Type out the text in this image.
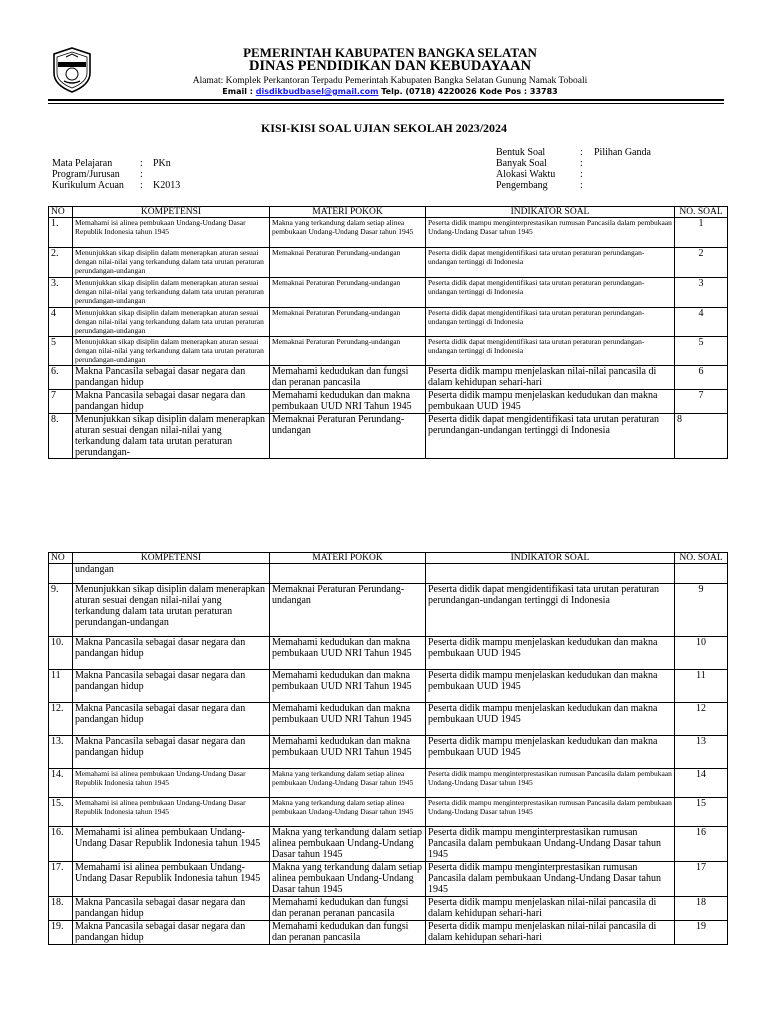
PEMERINTAH KABUPATEN BANGKA SELATAN
DINAS PENDIDIKAN DAN KEBUDAYAAN
Alamat: Komplek Perkantoran Terpadu Pemerintah Kabupaten Bangka Selatan Gunung Namak Toboali
Email : disdikbudbasel@gmail.com Telp. (0718) 4220026 Kode Pos : 33783
KISI-KISI SOAL UJIAN SEKOLAH 2023/2024
Mata Pelajaran	: PKn
Program/Jurusan :
Kurikulum Acuan : K2013
Bentuk Soal	: Pilihan Ganda
Banyak Soal	:
Alokasi Waktu :
Pengembang	:
NO	KOMPETENSI	MATERI POKOK	INDIKATOR SOAL	NO. SOAL
1.	Memahami isi alinea pembukaan Undang-Undang Dasar Republik Indonesia tahun 1945	Makna yang terkandung dalam setiap alinea pembukaan Undang-Undang Dasar tahun 1945	Peserta didik mampu menginterprestasikan rumusan Pancasila dalam pembukaan Undang-Undang Dasar tahun 1945	1
2.	Menunjukkan sikap disiplin dalam menerapkan aturan sesuai dengan nilai-nilai yang terkandung dalam tata urutan peraturan perundangan-undangan	Memaknai Peraturan Perundang-undangan	Peserta didik dapat mengidentifikasi tata urutan peraturan perundangan-undangan tertinggi di Indonesia	2
3.	Menunjukkan sikap disiplin dalam menerapkan aturan sesuai dengan nilai-nilai yang terkandung dalam tata urutan peraturan perundangan-undangan	Memaknai Peraturan Perundang-undangan	Peserta didik dapat mengidentifikasi tata urutan peraturan perundangan-undangan tertinggi di Indonesia	3
4	Menunjukkan sikap disiplin dalam menerapkan aturan sesuai dengan nilai-nilai yang terkandung dalam tata urutan peraturan perundangan-undangan	Memaknai Peraturan Perundang-undangan	Peserta didik dapat mengidentifikasi tata urutan peraturan perundangan-undangan tertinggi di Indonesia	4
5	Menunjukkan sikap disiplin dalam menerapkan aturan sesuai dengan nilai-nilai yang terkandung dalam tata urutan peraturan perundangan-undangan	Memaknai Peraturan Perundang-undangan	Peserta didik dapat mengidentifikasi tata urutan peraturan perundangan-undangan tertinggi di Indonesia	5
6.	Makna Pancasila sebagai dasar negara dan pandangan hidup	Memahami kedudukan dan fungsi dan peranan pancasila	Peserta didik mampu menjelaskan nilai-nilai pancasila di dalam kehidupan sehari-hari	6
7	Makna Pancasila sebagai dasar negara dan pandangan hidup	Memahami kedudukan dan makna pembukaan UUD NRI Tahun 1945	Peserta didik mampu menjelaskan kedudukan dan makna pembukaan UUD 1945	7
8.	Menunjukkan sikap disiplin dalam menerapkan aturan sesuai dengan nilai-nilai yang terkandung dalam tata urutan peraturan perundangan-	Memaknai Peraturan Perundang-undangan	Peserta didik dapat mengidentifikasi tata urutan peraturan perundangan-undangan tertinggi di Indonesia	8
NO	KOMPETENSI	MATERI POKOK	INDIKATOR SOAL	NO. SOAL
	undangan			
9.	Menunjukkan sikap disiplin dalam menerapkan aturan sesuai dengan nilai-nilai yang terkandung dalam tata urutan peraturan perundangan-undangan	Memaknai Peraturan Perundang-undangan	Peserta didik dapat mengidentifikasi tata urutan peraturan perundangan-undangan tertinggi di Indonesia	9
10.	Makna Pancasila sebagai dasar negara dan pandangan hidup	Memahami kedudukan dan makna pembukaan UUD NRI Tahun 1945	Peserta didik mampu menjelaskan kedudukan dan makna pembukaan UUD 1945	10
11	Makna Pancasila sebagai dasar negara dan pandangan hidup	Memahami kedudukan dan makna pembukaan UUD NRI Tahun 1945	Peserta didik mampu menjelaskan kedudukan dan makna pembukaan UUD 1945	11
12.	Makna Pancasila sebagai dasar negara dan pandangan hidup	Memahami kedudukan dan makna pembukaan UUD NRI Tahun 1945	Peserta didik mampu menjelaskan kedudukan dan makna pembukaan UUD 1945	12
13.	Makna Pancasila sebagai dasar negara dan pandangan hidup	Memahami kedudukan dan makna pembukaan UUD NRI Tahun 1945	Peserta didik mampu menjelaskan kedudukan dan makna pembukaan UUD 1945	13
14.	Memahami isi alinea pembukaan Undang-Undang Dasar Republik Indonesia tahun 1945	Makna yang terkandung dalam setiap alinea pembukaan Undang-Undang Dasar tahun 1945	Peserta didik mampu menginterprestasikan rumusan Pancasila dalam pembukaan Undang-Undang Dasar tahun 1945	14
15.	Memahami isi alinea pembukaan Undang-Undang Dasar Republik Indonesia tahun 1945	Makna yang terkandung dalam setiap alinea pembukaan Undang-Undang Dasar tahun 1945	Peserta didik mampu menginterprestasikan rumusan Pancasila dalam pembukaan Undang-Undang Dasar tahun 1945	15
16.	Memahami isi alinea pembukaan Undang-Undang Dasar Republik Indonesia tahun 1945	Makna yang terkandung dalam setiap alinea pembukaan Undang-Undang Dasar tahun 1945	Peserta didik mampu menginterprestasikan rumusan Pancasila dalam pembukaan Undang-Undang Dasar tahun 1945	16
17.	Memahami isi alinea pembukaan Undang-Undang Dasar Republik Indonesia tahun 1945	Makna yang terkandung dalam setiap alinea pembukaan Undang-Undang Dasar tahun 1945	Peserta didik mampu menginterprestasikan rumusan Pancasila dalam pembukaan Undang-Undang Dasar tahun 1945	17
18.	Makna Pancasila sebagai dasar negara dan pandangan hidup	Memahami kedudukan dan fungsi dan peranan peranan pancasila	Peserta didik mampu menjelaskan nilai-nilai pancasila di dalam kehidupan sehari-hari	18
19.	Makna Pancasila sebagai dasar negara dan pandangan hidup	Memahami kedudukan dan fungsi dan peranan pancasila	Peserta didik mampu menjelaskan nilai-nilai pancasila di dalam kehidupan sehari-hari	19
